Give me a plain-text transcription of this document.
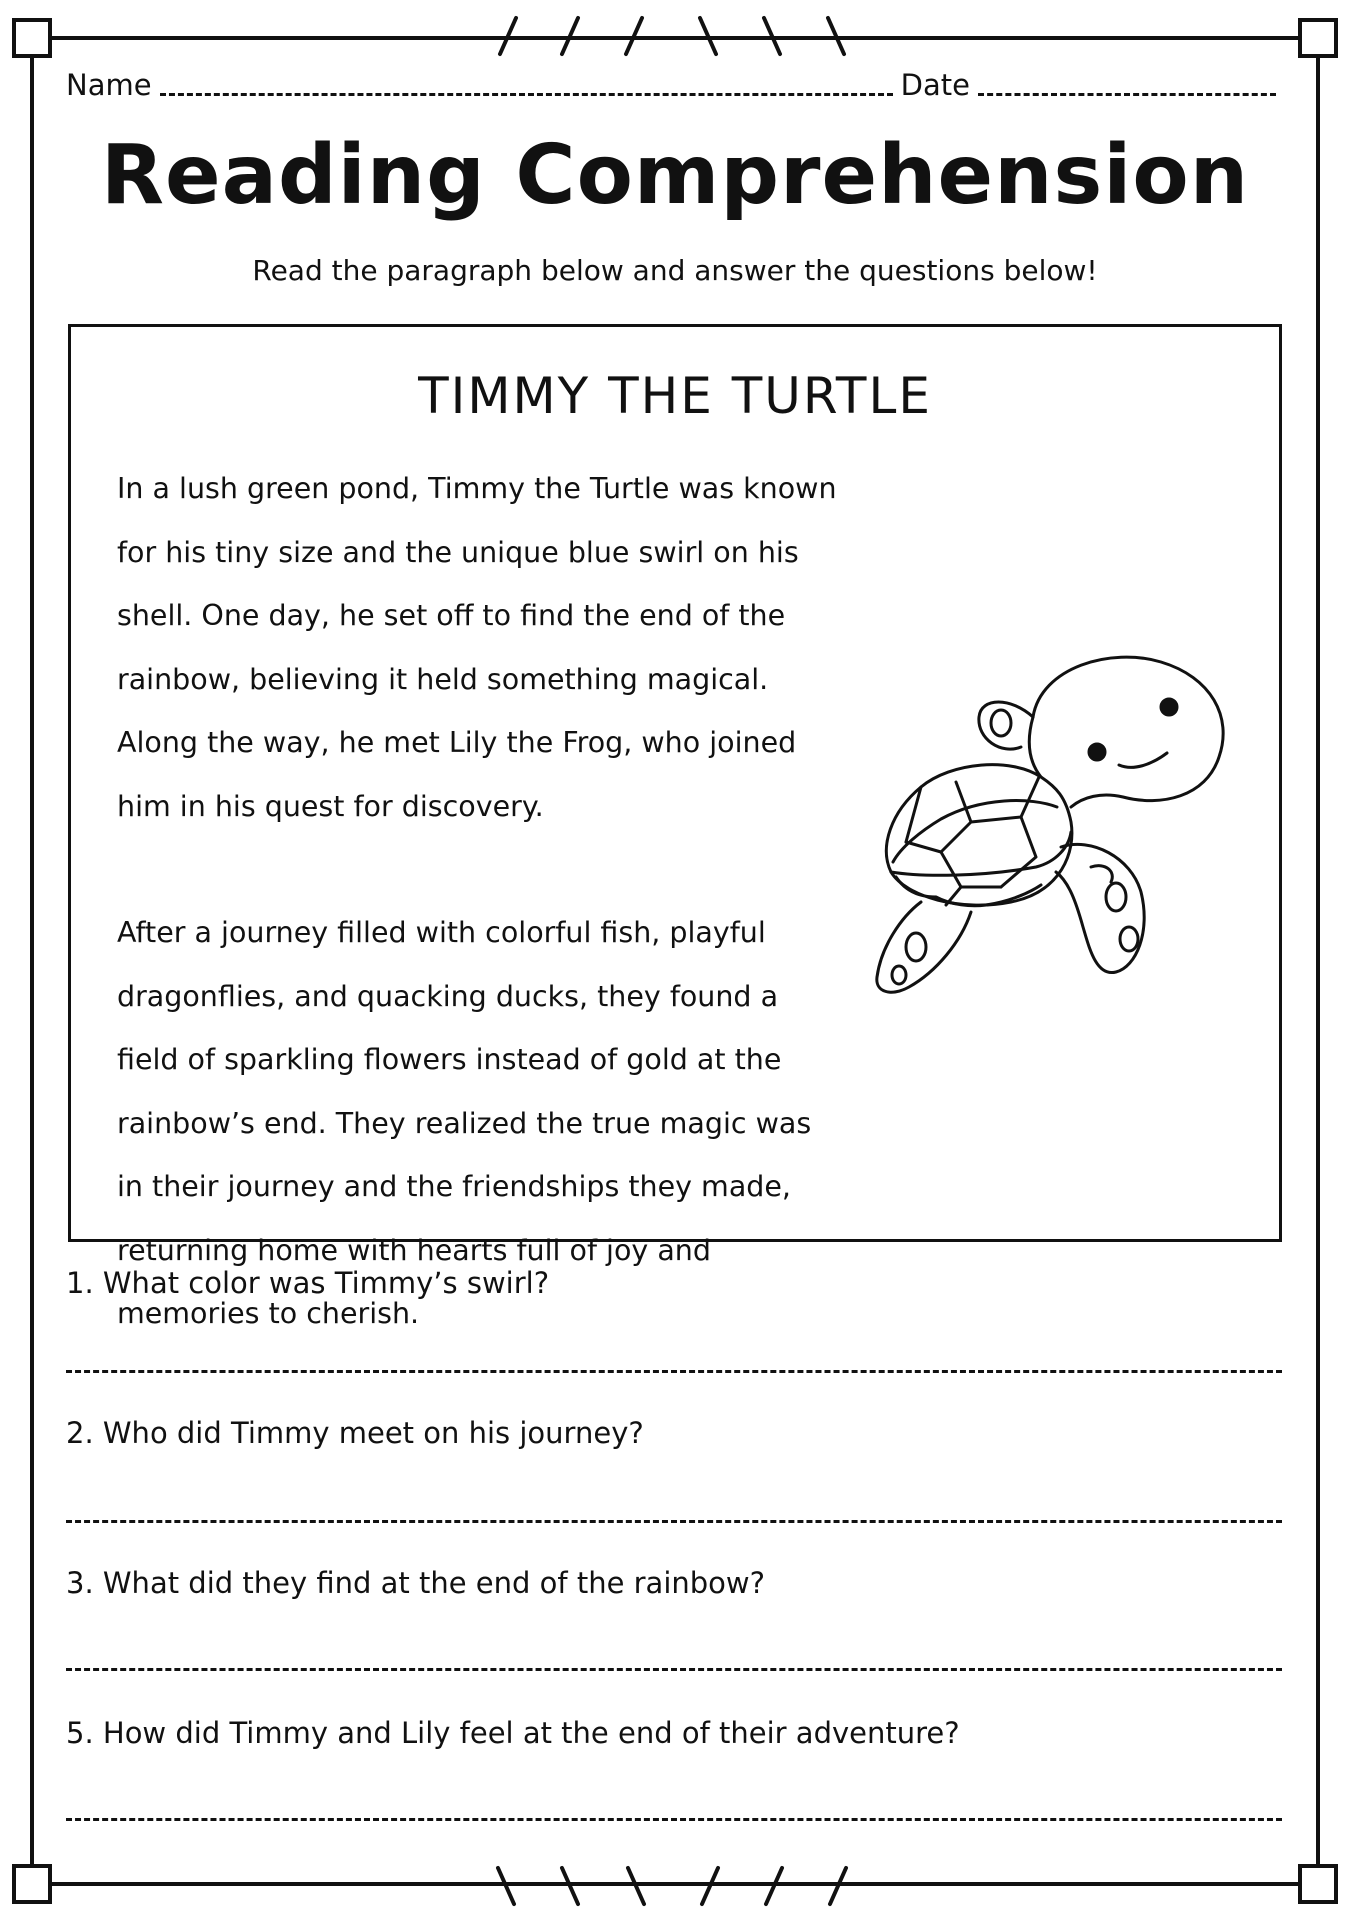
Name	Date
Reading Comprehension
Read the paragraph below and answer the questions below!
TIMMY THE TURTLE

In a lush green pond, Timmy the Turtle was known for his tiny size and the unique blue swirl on his shell. One day, he set off to find the end of the rainbow, believing it held something magical. Along the way, he met Lily the Frog, who joined him in his quest for discovery.

After a journey filled with colorful fish, playful dragonflies, and quacking ducks, they found a field of sparkling flowers instead of gold at the rainbow’s end. They realized the true magic was in their journey and the friendships they made, returning home with hearts full of joy and memories to cherish.

1. What color was Timmy’s swirl?
2. Who did Timmy meet on his journey?
3. What did they find at the end of the rainbow?
5. How did Timmy and Lily feel at the end of their adventure?
